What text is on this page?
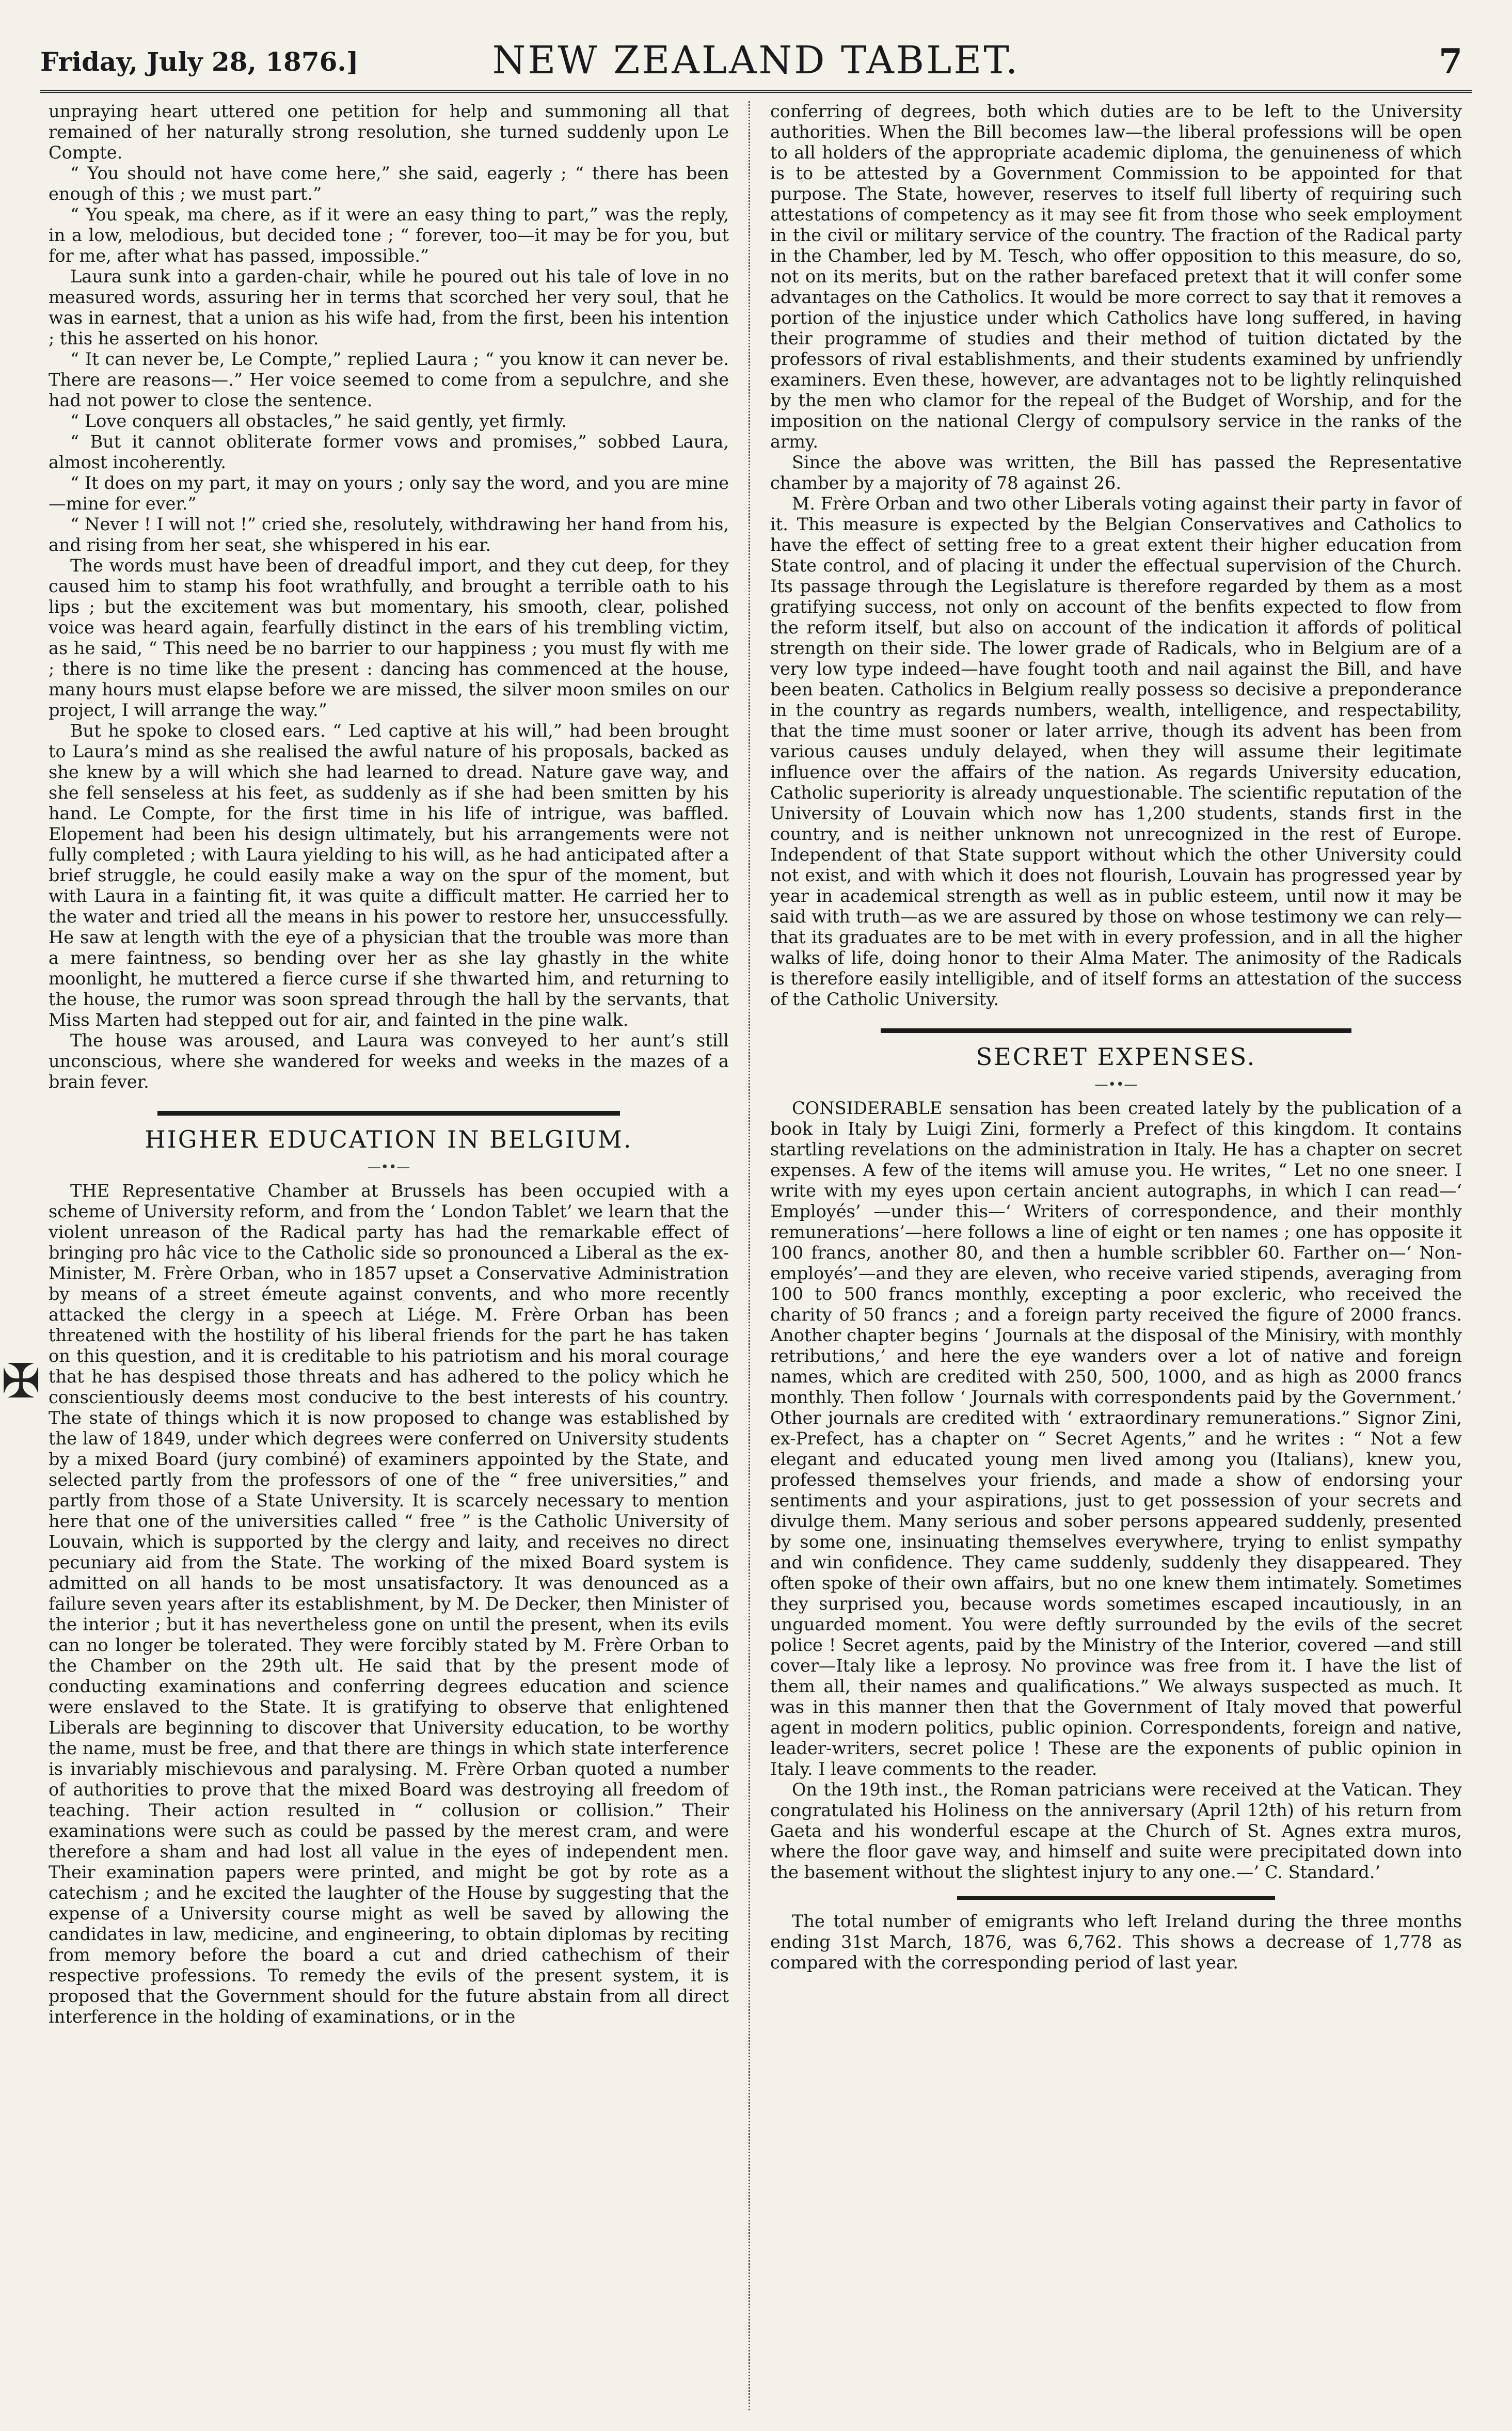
Friday, July 28, 1876.]	NEW ZEALAND TABLET.	7
✠

unpraying heart uttered one petition for help and summoning all that remained of her naturally strong resolution, she turned suddenly upon Le Compte.

“ You should not have come here,” she said, eagerly ; “ there has been enough of this ; we must part.”

“ You speak, ma chere, as if it were an easy thing to part,” was the reply, in a low, melodious, but decided tone ; “ forever, too—it may be for you, but for me, after what has passed, impossible.”

Laura sunk into a garden-chair, while he poured out his tale of love in no measured words, assuring her in terms that scorched her very soul, that he was in earnest, that a union as his wife had, from the first, been his intention ; this he asserted on his honor.

“ It can never be, Le Compte,” replied Laura ; “ you know it can never be. There are reasons—.” Her voice seemed to come from a sepulchre, and she had not power to close the sentence.

“ Love conquers all obstacles,” he said gently, yet firmly.

“ But it cannot obliterate former vows and promises,” sobbed Laura, almost incoherently.

“ It does on my part, it may on yours ; only say the word, and you are mine—mine for ever.”

“ Never ! I will not !” cried she, resolutely, withdrawing her hand from his, and rising from her seat, she whispered in his ear.

The words must have been of dreadful import, and they cut deep, for they caused him to stamp his foot wrathfully, and brought a terrible oath to his lips ; but the excitement was but momentary, his smooth, clear, polished voice was heard again, fearfully distinct in the ears of his trembling victim, as he said, “ This need be no barrier to our happiness ; you must fly with me ; there is no time like the present : dancing has commenced at the house, many hours must elapse before we are missed, the silver moon smiles on our project, I will arrange the way.”

But he spoke to closed ears. “ Led captive at his will,” had been brought to Laura’s mind as she realised the awful nature of his proposals, backed as she knew by a will which she had learned to dread. Nature gave way, and she fell senseless at his feet, as suddenly as if she had been smitten by his hand. Le Compte, for the first time in his life of intrigue, was baffled. Elopement had been his design ultimately, but his arrangements were not fully completed ; with Laura yielding to his will, as he had anticipated after a brief struggle, he could easily make a way on the spur of the moment, but with Laura in a fainting fit, it was quite a difficult matter. He carried her to the water and tried all the means in his power to restore her, unsuccessfully. He saw at length with the eye of a physician that the trouble was more than a mere faintness, so bending over her as she lay ghastly in the white moonlight, he muttered a fierce curse if she thwarted him, and returning to the house, the rumor was soon spread through the hall by the servants, that Miss Marten had stepped out for air, and fainted in the pine walk.

The house was aroused, and Laura was conveyed to her aunt’s still unconscious, where she wandered for weeks and weeks in the mazes of a brain fever.

HIGHER EDUCATION IN BELGIUM.
—••—

THE Representative Chamber at Brussels has been occupied with a scheme of University reform, and from the ‘ London Tablet’ we learn that the violent unreason of the Radical party has had the remarkable effect of bringing pro hâc vice to the Catholic side so pronounced a Liberal as the ex-Minister, M. Frère Orban, who in 1857 upset a Conservative Administration by means of a street émeute against convents, and who more recently attacked the clergy in a speech at Liége. M. Frère Orban has been threatened with the hostility of his liberal friends for the part he has taken on this question, and it is creditable to his patriotism and his moral courage that he has despised those threats and has adhered to the policy which he conscientiously deems most conducive to the best interests of his country. The state of things which it is now proposed to change was established by the law of 1849, under which degrees were conferred on University students by a mixed Board (jury combiné) of examiners appointed by the State, and selected partly from the professors of one of the “ free universities,” and partly from those of a State University. It is scarcely necessary to mention here that one of the universities called “ free ” is the Catholic University of Louvain, which is supported by the clergy and laity, and receives no direct pecuniary aid from the State. The working of the mixed Board system is admitted on all hands to be most unsatisfactory. It was denounced as a failure seven years after its establishment, by M. De Decker, then Minister of the interior ; but it has nevertheless gone on until the present, when its evils can no longer be tolerated. They were forcibly stated by M. Frère Orban to the Chamber on the 29th ult. He said that by the present mode of conducting examinations and conferring degrees education and science were enslaved to the State. It is gratifying to observe that enlightened Liberals are beginning to discover that University education, to be worthy the name, must be free, and that there are things in which state interference is invariably mischievous and paralysing. M. Frère Orban quoted a number of authorities to prove that the mixed Board was destroying all freedom of teaching. Their action resulted in “ collusion or collision.” Their examinations were such as could be passed by the merest cram, and were therefore a sham and had lost all value in the eyes of independent men. Their examination papers were printed, and might be got by rote as a catechism ; and he excited the laughter of the House by suggesting that the expense of a University course might as well be saved by allowing the candidates in law, medicine, and engineering, to obtain diplomas by reciting from memory before the board a cut and dried cathechism of their respective professions. To remedy the evils of the present system, it is proposed that the Government should for the future abstain from all direct interference in the holding of examinations, or in the

conferring of degrees, both which duties are to be left to the University authorities. When the Bill becomes law—the liberal professions will be open to all holders of the appropriate academic diploma, the genuineness of which is to be attested by a Government Commission to be appointed for that purpose. The State, however, reserves to itself full liberty of requiring such attestations of competency as it may see fit from those who seek employment in the civil or military service of the country. The fraction of the Radical party in the Chamber, led by M. Tesch, who offer opposition to this measure, do so, not on its merits, but on the rather barefaced pretext that it will confer some advantages on the Catholics. It would be more correct to say that it removes a portion of the injustice under which Catholics have long suffered, in having their programme of studies and their method of tuition dictated by the professors of rival establishments, and their students examined by unfriendly examiners. Even these, however, are advantages not to be lightly relinquished by the men who clamor for the repeal of the Budget of Worship, and for the imposition on the national Clergy of compulsory service in the ranks of the army.

Since the above was written, the Bill has passed the Representative chamber by a majority of 78 against 26.

M. Frère Orban and two other Liberals voting against their party in favor of it. This measure is expected by the Belgian Conservatives and Catholics to have the effect of setting free to a great extent their higher education from State control, and of placing it under the effectual supervision of the Church. Its passage through the Legislature is therefore regarded by them as a most gratifying success, not only on account of the benfits expected to flow from the reform itself, but also on account of the indication it affords of political strength on their side. The lower grade of Radicals, who in Belgium are of a very low type indeed—have fought tooth and nail against the Bill, and have been beaten. Catholics in Belgium really possess so decisive a preponderance in the country as regards numbers, wealth, intelligence, and respectability, that the time must sooner or later arrive, though its advent has been from various causes unduly delayed, when they will assume their legitimate influence over the affairs of the nation. As regards University education, Catholic superiority is already unquestionable. The scientific reputation of the University of Louvain which now has 1,200 students, stands first in the country, and is neither unknown not unrecognized in the rest of Europe. Independent of that State support without which the other University could not exist, and with which it does not flourish, Louvain has progressed year by year in academical strength as well as in public esteem, until now it may be said with truth—as we are assured by those on whose testimony we can rely—that its graduates are to be met with in every profession, and in all the higher walks of life, doing honor to their Alma Mater. The animosity of the Radicals is therefore easily intelligible, and of itself forms an attestation of the success of the Catholic University.

SECRET EXPENSES.
—••—

CONSIDERABLE sensation has been created lately by the publication of a book in Italy by Luigi Zini, formerly a Prefect of this kingdom. It contains startling revelations on the administration in Italy. He has a chapter on secret expenses. A few of the items will amuse you. He writes, “ Let no one sneer. I write with my eyes upon certain ancient autographs, in which I can read—‘ Employés’ —under this—‘ Writers of correspondence, and their monthly remunerations’—here follows a line of eight or ten names ; one has opposite it 100 francs, another 80, and then a humble scribbler 60. Farther on—‘ Non-employés’—and they are eleven, who receive varied stipends, averaging from 100 to 500 francs monthly, excepting a poor excleric, who received the charity of 50 francs ; and a foreign party received the figure of 2000 francs. Another chapter begins ‘ Journals at the disposal of the Minisiry, with monthly retributions,’ and here the eye wanders over a lot of native and foreign names, which are credited with 250, 500, 1000, and as high as 2000 francs monthly. Then follow ‘ Journals with correspondents paid by the Government.’ Other journals are credited with ‘ extraordinary remunerations.” Signor Zini, ex-Prefect, has a chapter on “ Secret Agents,” and he writes : “ Not a few elegant and educated young men lived among you (Italians), knew you, professed themselves your friends, and made a show of endorsing your sentiments and your aspirations, just to get possession of your secrets and divulge them. Many serious and sober persons appeared suddenly, presented by some one, insinuating themselves everywhere, trying to enlist sympathy and win confidence. They came suddenly, suddenly they disappeared. They often spoke of their own affairs, but no one knew them intimately. Sometimes they surprised you, because words sometimes escaped incautiously, in an unguarded moment. You were deftly surrounded by the evils of the secret police ! Secret agents, paid by the Ministry of the Interior, covered —and still cover—Italy like a leprosy. No province was free from it. I have the list of them all, their names and qualifications.” We always suspected as much. It was in this manner then that the Government of Italy moved that powerful agent in modern politics, public opinion. Correspondents, foreign and native, leader-writers, secret police ! These are the exponents of public opinion in Italy. I leave comments to the reader.

On the 19th inst., the Roman patricians were received at the Vatican. They congratulated his Holiness on the anniversary (April 12th) of his return from Gaeta and his wonderful escape at the Church of St. Agnes extra muros, where the floor gave way, and himself and suite were precipitated down into the basement without the slightest injury to any one.—’ C. Standard.’

The total number of emigrants who left Ireland during the three months ending 31st March, 1876, was 6,762. This shows a decrease of 1,778 as compared with the corresponding period of last year.
